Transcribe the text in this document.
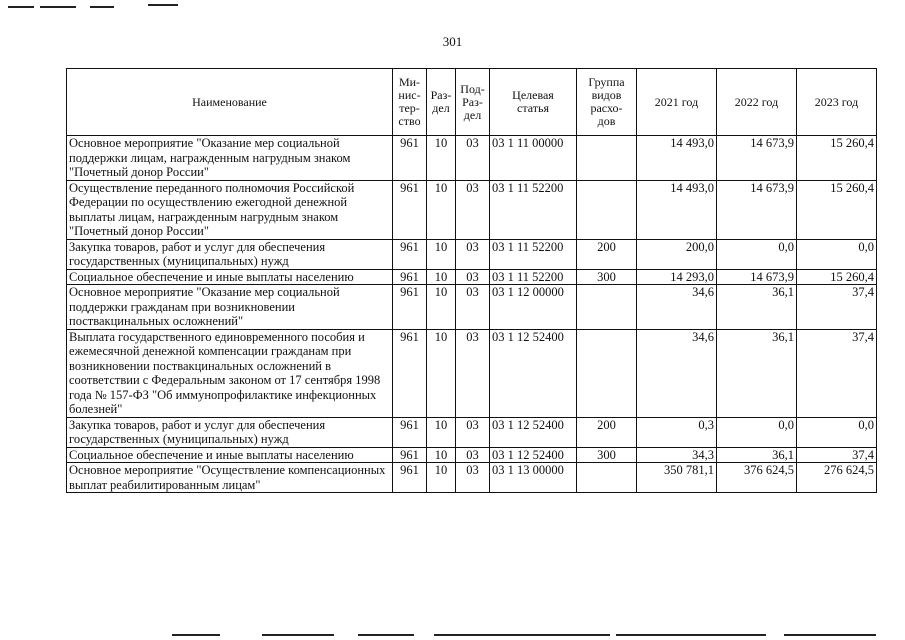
301
Наименование	Ми-
нис-
тер-
ство	Раз-
дел	Под-
Раз-
дел	Целевая
статья	Группа
видов
расхо-
дов	2021 год	2022 год	2023 год
Основное мероприятие "Оказание мер социальной поддержки лицам, награжденным нагрудным знаком "Почетный донор России"	961	10	03	03 1 11 00000		14 493,0	14 673,9	15 260,4
Осуществление переданного полномочия Российской Федерации по осуществлению ежегодной денежной выплаты лицам, награжденным нагрудным знаком "Почетный донор России"	961	10	03	03 1 11 52200		14 493,0	14 673,9	15 260,4
Закупка товаров, работ и услуг для обеспечения государственных (муниципальных) нужд	961	10	03	03 1 11 52200	200	200,0	0,0	0,0
Социальное обеспечение и иные выплаты населению	961	10	03	03 1 11 52200	300	14 293,0	14 673,9	15 260,4
Основное мероприятие "Оказание мер социальной поддержки гражданам при возникновении поствакцинальных осложнений"	961	10	03	03 1 12 00000		34,6	36,1	37,4
Выплата государственного единовременного пособия и ежемесячной денежной компенсации гражданам при возникновении поствакцинальных осложнений в соответствии с Федеральным законом от 17 сентября 1998 года № 157-ФЗ "Об иммунопрофилактике инфекционных болезней"	961	10	03	03 1 12 52400		34,6	36,1	37,4
Закупка товаров, работ и услуг для обеспечения государственных (муниципальных) нужд	961	10	03	03 1 12 52400	200	0,3	0,0	0,0
Социальное обеспечение и иные выплаты населению	961	10	03	03 1 12 52400	300	34,3	36,1	37,4
Основное мероприятие "Осуществление компенсационных выплат реабилитированным лицам"	961	10	03	03 1 13 00000		350 781,1	376 624,5	276 624,5
